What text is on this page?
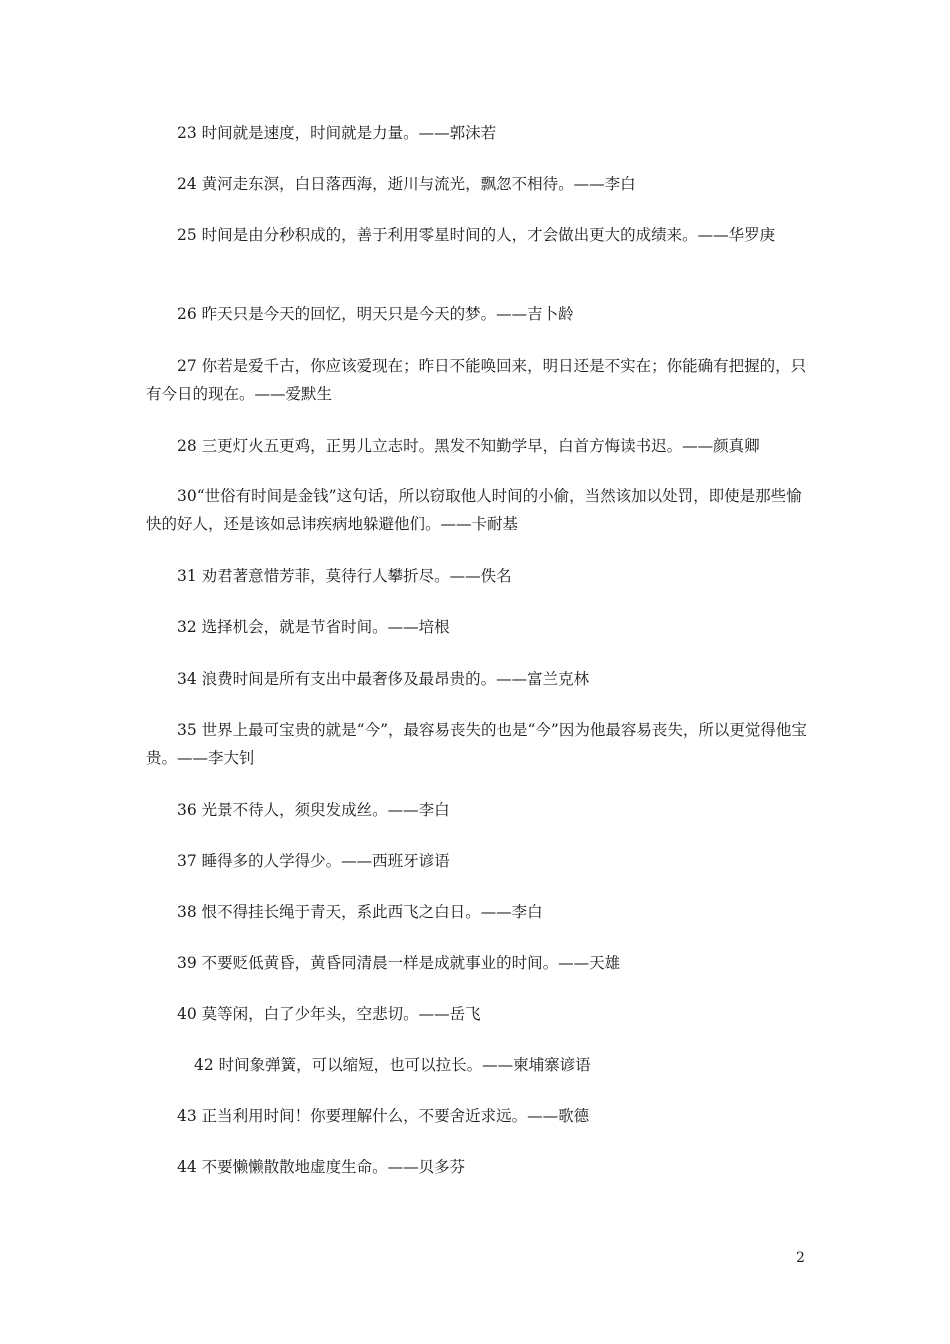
23 时间就是速度，时间就是力量。——郭沫若

24 黄河走东溟，白日落西海，逝川与流光，飘忽不相待。——李白

25 时间是由分秒积成的，善于利用零星时间的人，才会做出更大的成绩来。——华罗庚

26 昨天只是今天的回忆，明天只是今天的梦。——吉卜龄

27 你若是爱千古，你应该爱现在；昨日不能唤回来，明日还是不实在；你能确有把握的，只有今日的现在。——爱默生

28 三更灯火五更鸡，正男儿立志时。黑发不知勤学早，白首方悔读书迟。——颜真卿

30“世俗有时间是金钱”这句话，所以窃取他人时间的小偷，当然该加以处罚，即使是那些愉快的好人，还是该如忌讳疾病地躲避他们。——卡耐基

31 劝君著意惜芳菲，莫待行人攀折尽。——佚名

32 选择机会，就是节省时间。——培根

34 浪费时间是所有支出中最奢侈及最昂贵的。——富兰克林

35 世界上最可宝贵的就是“今”，最容易丧失的也是“今”因为他最容易丧失，所以更觉得他宝贵。——李大钊

36 光景不待人，须臾发成丝。——李白

37 睡得多的人学得少。——西班牙谚语

38 恨不得挂长绳于青天，系此西飞之白日。——李白

39 不要贬低黄昏，黄昏同清晨一样是成就事业的时间。——天雄

40 莫等闲，白了少年头，空悲切。——岳飞

42 时间象弹簧，可以缩短，也可以拉长。——柬埔寨谚语

43 正当利用时间！你要理解什么，不要舍近求远。——歌德

44 不要懒懒散散地虚度生命。——贝多芬

2
